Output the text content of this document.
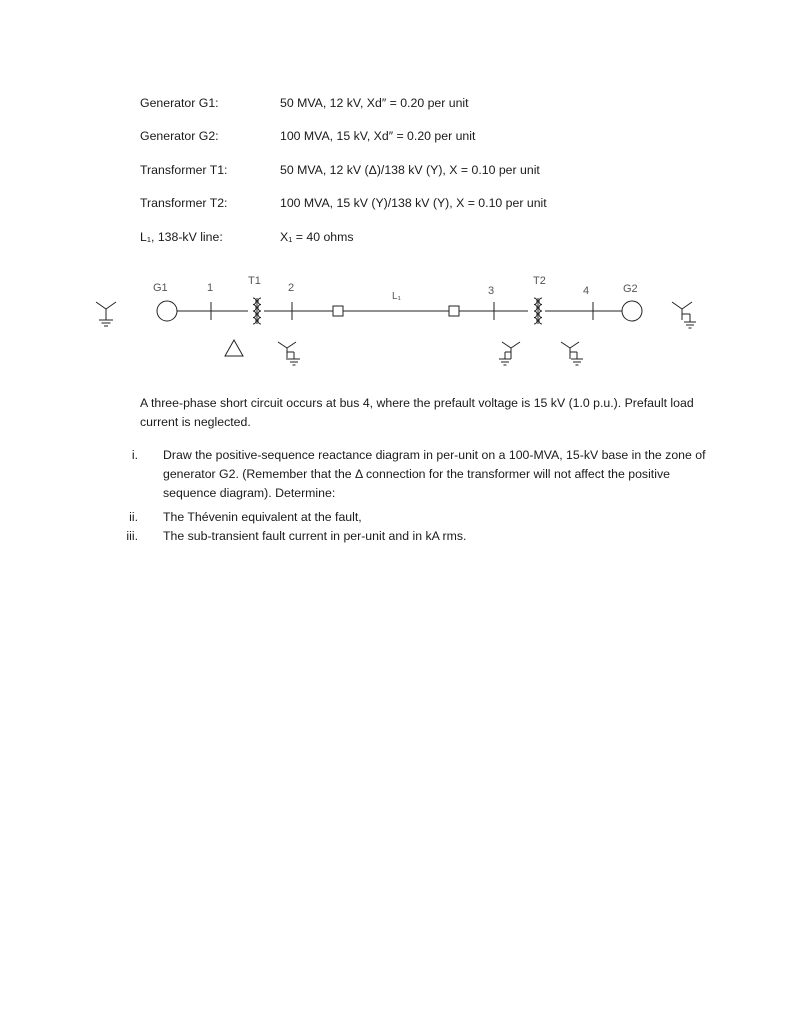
Generator G1:	50 MVA, 12 kV, Xd″ = 0.20 per unit
Generator G2:	100 MVA, 15 kV, Xd″ = 0.20 per unit
Transformer T1:	50 MVA, 12 kV (Δ)/138 kV (Y), X = 0.10 per unit
Transformer T2:	100 MVA, 15 kV (Y)/138 kV (Y), X = 0.10 per unit
L₁, 138-kV line:	X₁ = 40 ohms
G1	1
T1
2
L₁	3
T2
4	G2
A three-phase short circuit occurs at bus 4, where the prefault voltage is 15 kV (1.0 p.u.). Prefault load current is neglected.
i. Draw the positive-sequence reactance diagram in per-unit on a 100-MVA, 15-kV base in the zone of generator G2. (Remember that the Δ connection for the transformer will not affect the positive sequence diagram). Determine:
ii. The Thévenin equivalent at the fault,
iii. The sub-transient fault current in per-unit and in kA rms.
